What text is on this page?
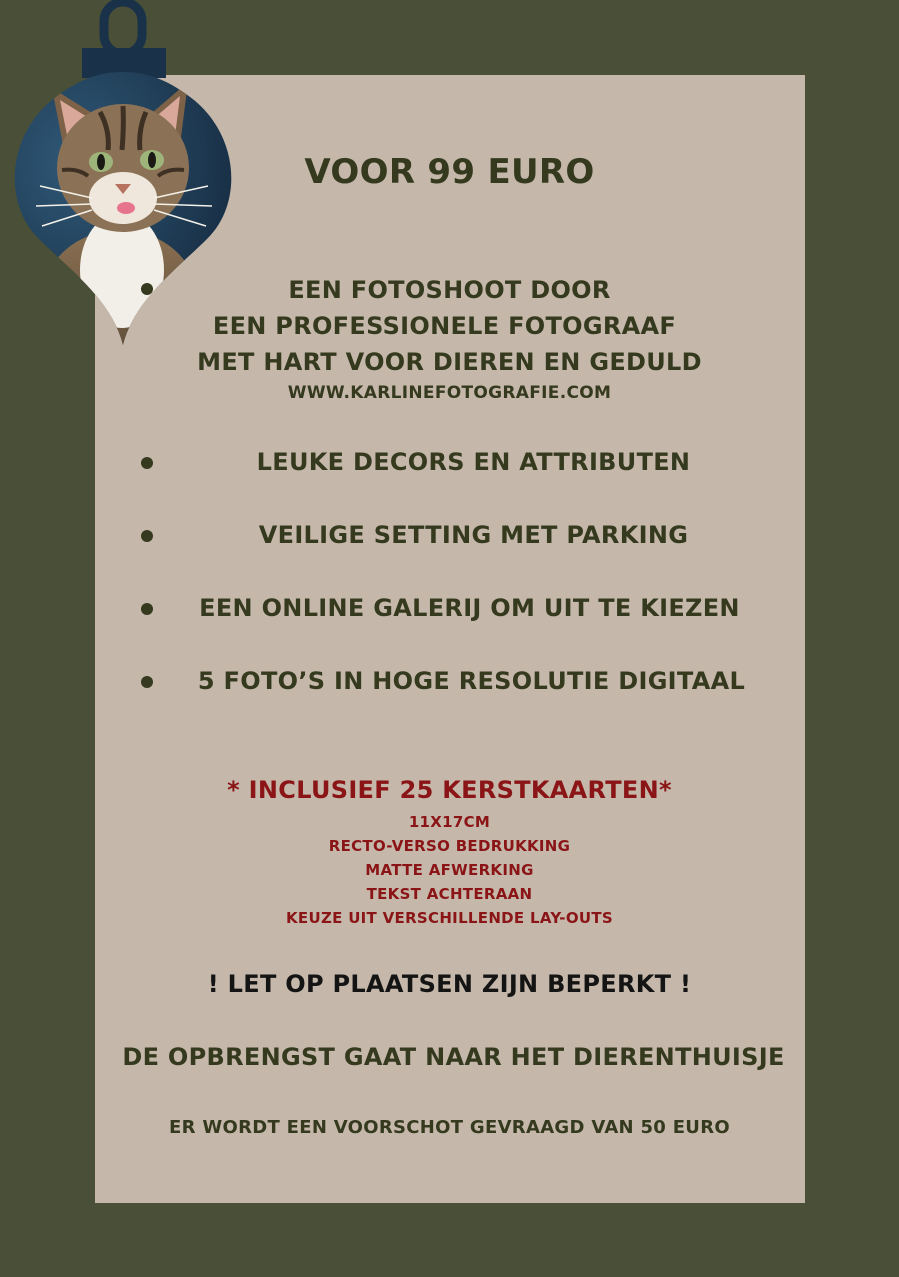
VOOR 99 EURO
EEN FOTOSHOOT DOOR
EEN PROFESSIONELE FOTOGRAAF
MET HART VOOR DIEREN EN GEDULD
WWW.KARLINEFOTOGRAFIE.COM
LEUKE DECORS EN ATTRIBUTEN
VEILIGE SETTING MET PARKING
EEN ONLINE GALERIJ OM UIT TE KIEZEN
5 FOTO’S IN HOGE RESOLUTIE DIGITAAL
* INCLUSIEF 25 KERSTKAARTEN*
11X17CM
RECTO-VERSO BEDRUKKING
MATTE AFWERKING
TEKST ACHTERAAN
KEUZE UIT VERSCHILLENDE LAY-OUTS
! LET OP PLAATSEN ZIJN BEPERKT !
DE OPBRENGST GAAT NAAR HET DIERENTHUISJE
ER WORDT EEN VOORSCHOT GEVRAAGD VAN 50 EURO
